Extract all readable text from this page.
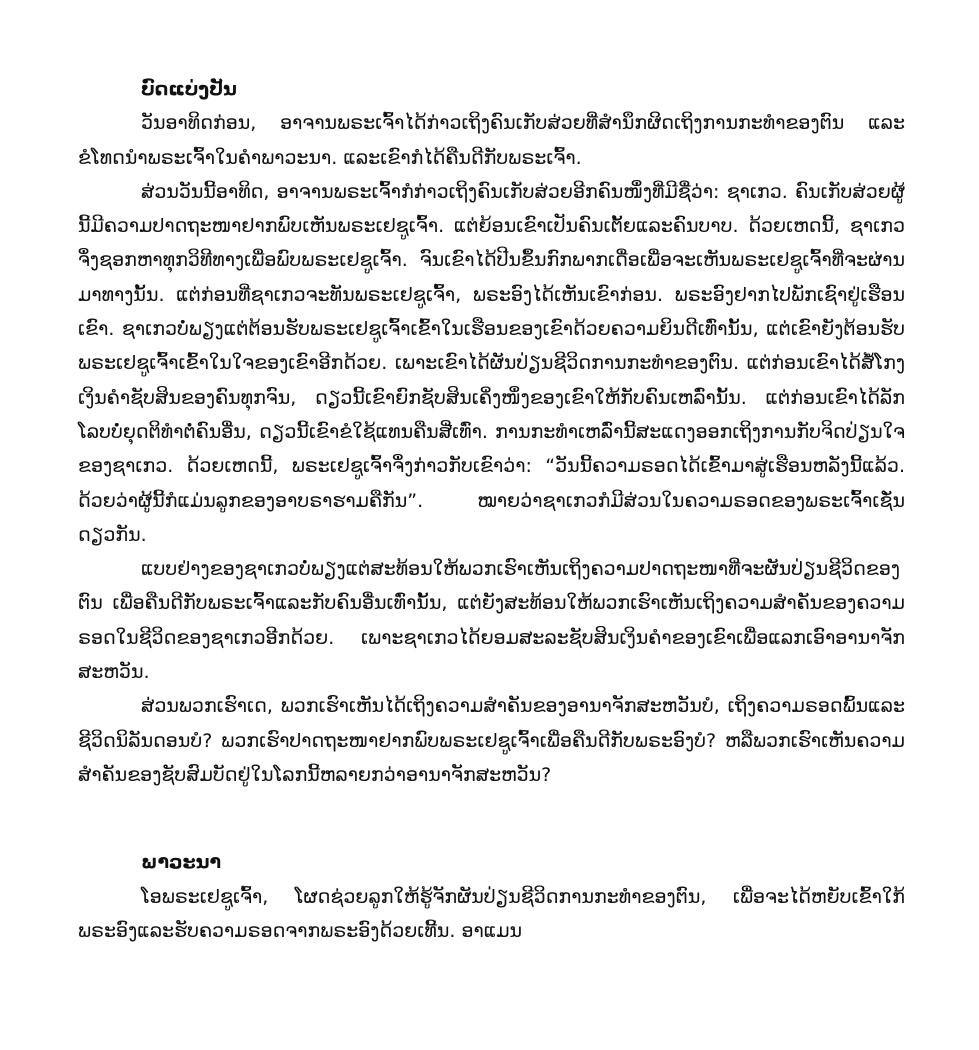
ບົດແບ່ງປັນ

ວັນອາທິດກ່ອນ, ອາຈານພຣະເຈົ້າໄດ້ກ່າວເຖິງຄົນເກັບສ່ວຍທີ່ສຳນຶກຜິດເຖິງການກະທຳຂອງຕົນ ແລະຂໍໂທດນຳພຣະເຈົ້າໃນຄຳພາວະນາ. ແລະເຂົາກໍໄດ້ຄືນດີກັບພຣະເຈົ້າ.

ສ່ວນວັນນີ້ອາທິດ, ອາຈານພຣະເຈົ້າກໍກ່າວເຖິງຄົນເກັບສ່ວຍອີກຄົນໜຶ່ງທີ່ມີຊື່ວ່າ: ຊາເກວ. ຄົນເກັບສ່ວຍຜູ້ນີ້ມີຄວາມປາດຖະໜາຢາກພົບເຫັນພຣະເຢຊູເຈົ້າ. ແຕ່ຍ້ອນເຂົາເປັນຄົນເຕັ້ຍແລະຄົນບາບ. ດ້ວຍເຫດນີ້, ຊາເກວຈຶ່ງຊອກຫາທຸກວິທີທາງເພື່ອພົບພຣະເຢຊູເຈົ້າ. ຈົນເຂົາໄດ້ປີນຂຶ້ນກົກພາກເດື່ອເພື່ອຈະເຫັນພຣະເຢຊູເຈົ້າທີ່ຈະຜ່ານມາທາງນັ້ນ. ແຕ່ກ່ອນທີ່ຊາເກວຈະທັນພຣະເຢຊູເຈົ້າ, ພຣະອົງໄດ້ເຫັນເຂົາກ່ອນ. ພຣະອົງຢາກໄປພັກເຊົາຢູ່ເຮືອນເຂົາ. ຊາເກວບໍ່ພຽງແຕ່ຕ້ອນຮັບພຣະເຢຊູເຈົ້າເຂົ້າໃນເຮືອນຂອງເຂົາດ້ວຍຄວາມຍິນດີເທົ່ານັ້ນ, ແຕ່ເຂົາຍັງຕ້ອນຮັບພຣະເຢຊູເຈົ້າເຂົ້າໃນໃຈຂອງເຂົາອີກດ້ວຍ. ເພາະເຂົາໄດ້ຜັນປ່ຽນຊີວິດການກະທຳຂອງຕົນ. ແຕ່ກ່ອນເຂົາໄດ້ສໍ້ໂກງເງິນຄຳຊັບສິນຂອງຄົນທຸກຈົນ, ດຽວນີ້ເຂົາຍົກຊັບສິນເຄິ່ງໜຶ່ງຂອງເຂົາໃຫ້ກັບຄົນເຫລົ່ານັ້ນ. ແຕ່ກ່ອນເຂົາໄດ້ລັກໂລບບໍ່ຍຸດຕິທຳຕໍ່ຄົນອື່ນ, ດຽວນີ້ເຂົາຂໍໃຊ້ແທນຄືນສີ່ເທົ່າ. ການກະທຳເຫລົ່ານີ້ສະແດງອອກເຖິງການກັບຈິດປ່ຽນໃຈຂອງຊາເກວ. ດ້ວຍເຫດນີ້, ພຣະເຢຊູເຈົ້າຈຶ່ງກ່າວກັບເຂົາວ່າ: “ວັນນີ້ຄວາມຣອດໄດ້ເຂົ້າມາສູ່ເຮືອນຫລັງນີ້ແລ້ວ. ດ້ວຍວ່າຜູ້ນີ້ກໍແມ່ນລູກຂອງອາບຣາຮາມຄືກັນ”. ໝາຍວ່າຊາເກວກໍມີສ່ວນໃນຄວາມຣອດຂອງພຣະເຈົ້າເຊັ່ນດຽວກັນ.

ແບບຢ່າງຂອງຊາເກວບໍ່ພຽງແຕ່ສະທ້ອນໃຫ້ພວກເຮົາເຫັນເຖິງຄວາມປາດຖະໜາທີ່ຈະຜັນປ່ຽນຊີວິດຂອງຕົນ ເພື່ອຄືນດີກັບພຣະເຈົ້າແລະກັບຄົນອື່ນເທົ່ານັ້ນ, ແຕ່ຍັງສະທ້ອນໃຫ້ພວກເຮົາເຫັນເຖິງຄວາມສຳຄັນຂອງຄວາມຣອດໃນຊີວິດຂອງຊາເກວອີກດ້ວຍ. ເພາະຊາເກວໄດ້ຍອມສະລະຊັບສິນເງິນຄຳຂອງເຂົາເພື່ອແລກເອົາອານາຈັກສະຫວັນ.

ສ່ວນພວກເຮົາເດ, ພວກເຮົາເຫັນໄດ້ເຖິງຄວາມສຳຄັນຂອງອານາຈັກສະຫວັນບໍ, ເຖິງຄວາມຣອດພົ້ນແລະຊີວິດນິລັນດອນບໍ? ພວກເຮົາປາດຖະໜາຢາກພົບພຣະເຢຊູເຈົ້າເພື່ອຄືນດີກັບພຣະອົງບໍ? ຫລືພວກເຮົາເຫັນຄວາມສຳຄັນຂອງຊັບສົມບັດຢູ່ໃນໂລກນີ້ຫລາຍກວ່າອານາຈັກສະຫວັນ?

ພາວະນາ

ໂອພຣະເຢຊູເຈົ້າ, ໂຜດຊ່ວຍລູກໃຫ້ຮູ້ຈັກຜັນປ່ຽນຊີວິດການກະທຳຂອງຕົນ, ເພື່ອຈະໄດ້ຫຍັບເຂົ້າໃກ້ພຣະອົງແລະຮັບຄວາມຣອດຈາກພຣະອົງດ້ວຍເທີ້ນ. ອາແມນ
